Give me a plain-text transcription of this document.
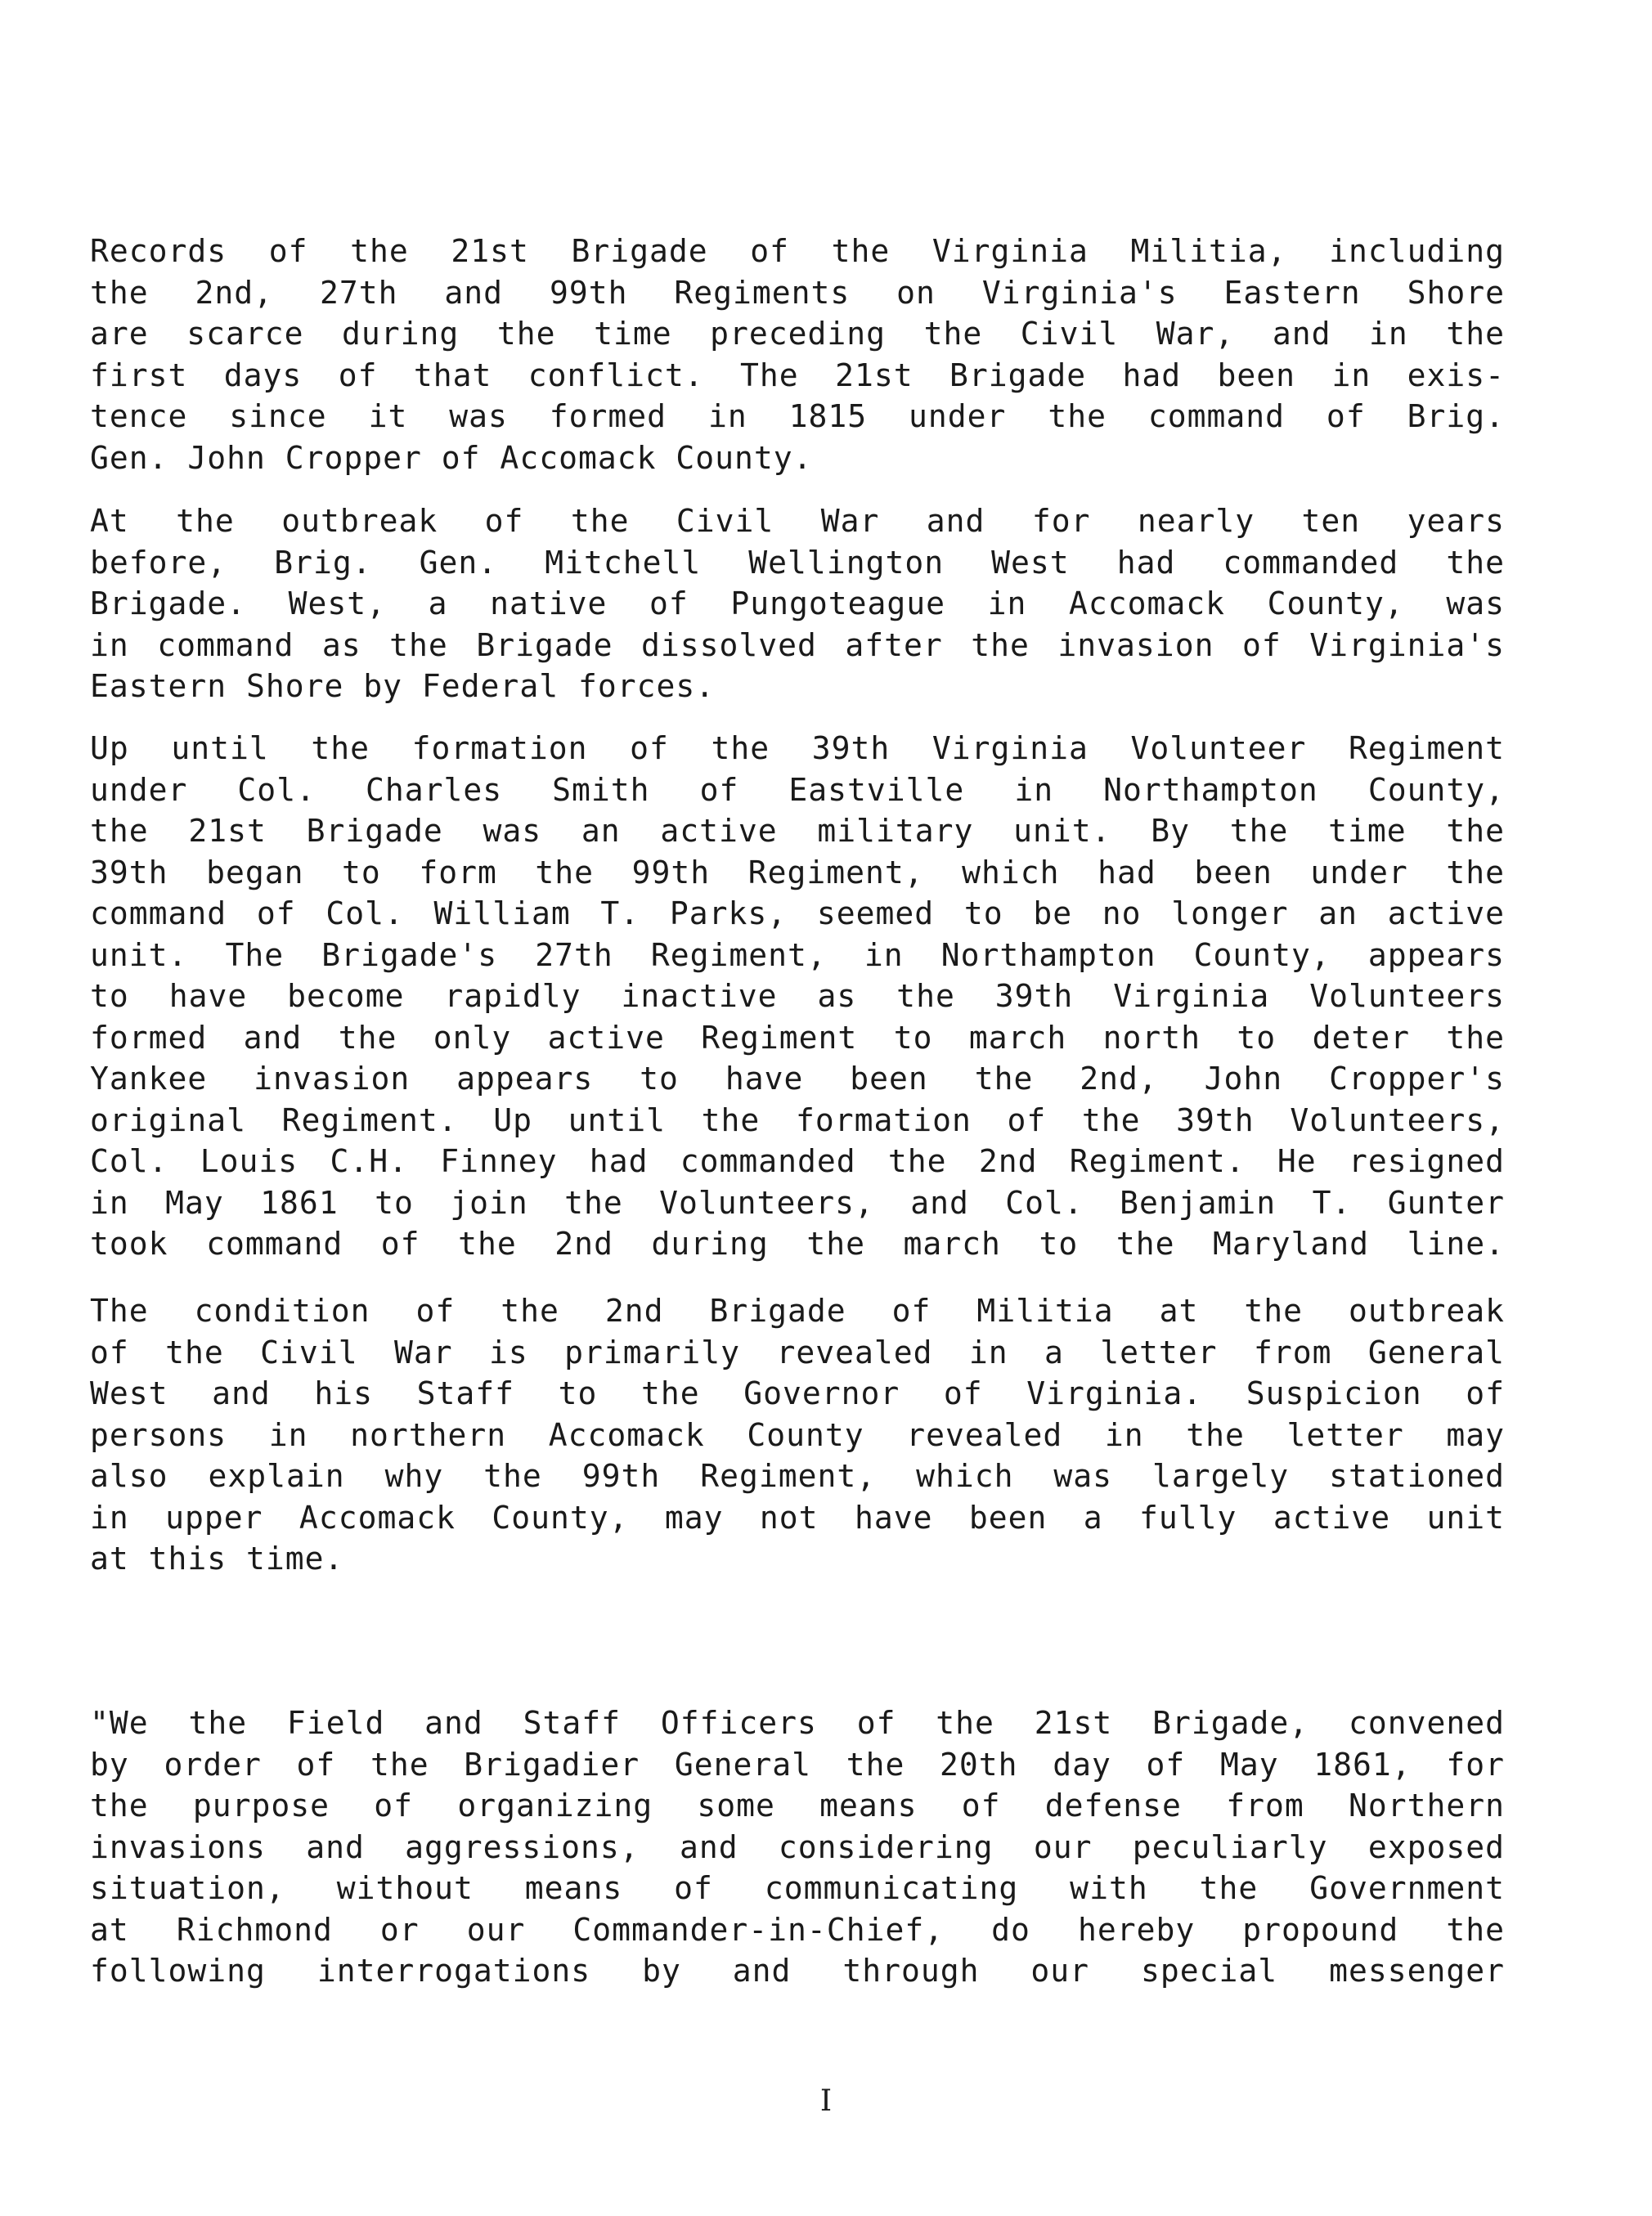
Records of the 21st Brigade of the Virginia Militia, including
the 2nd, 27th and 99th Regiments on Virginia's Eastern Shore
are scarce during the time preceding the Civil War, and in the
first days of that conflict. The 21st Brigade had been in exis-
tence since it was formed in 1815 under the command of Brig.
Gen. John Cropper of Accomack County.
At the outbreak of the Civil War and for nearly ten years
before, Brig. Gen. Mitchell Wellington West had commanded the
Brigade. West, a native of Pungoteague in Accomack County, was
in command as the Brigade dissolved after the invasion of Virginia's
Eastern Shore by Federal forces.
Up until the formation of the 39th Virginia Volunteer Regiment
under Col. Charles Smith of Eastville in Northampton County,
the 21st Brigade was an active military unit. By the time the
39th began to form the 99th Regiment, which had been under the
command of Col. William T. Parks, seemed to be no longer an active
unit. The Brigade's 27th Regiment, in Northampton County, appears
to have become rapidly inactive as the 39th Virginia Volunteers
formed and the only active Regiment to march north to deter the
Yankee invasion appears to have been the 2nd, John Cropper's
original Regiment. Up until the formation of the 39th Volunteers,
Col. Louis C.H. Finney had commanded the 2nd Regiment. He resigned
in May 1861 to join the Volunteers, and Col. Benjamin T. Gunter
took command of the 2nd during the march to the Maryland line.
The condition of the 2nd Brigade of Militia at the outbreak
of the Civil War is primarily revealed in a letter from General
West and his Staff to the Governor of Virginia. Suspicion of
persons in northern Accomack County revealed in the letter may
also explain why the 99th Regiment, which was largely stationed
in upper Accomack County, may not have been a fully active unit
at this time.
"We the Field and Staff Officers of the 21st Brigade, convened
by order of the Brigadier General the 20th day of May 1861, for
the purpose of organizing some means of defense from Northern
invasions and aggressions, and considering our peculiarly exposed
situation, without means of communicating with the Government
at Richmond or our Commander-in-Chief, do hereby propound the
following interrogations by and through our special messenger
I
